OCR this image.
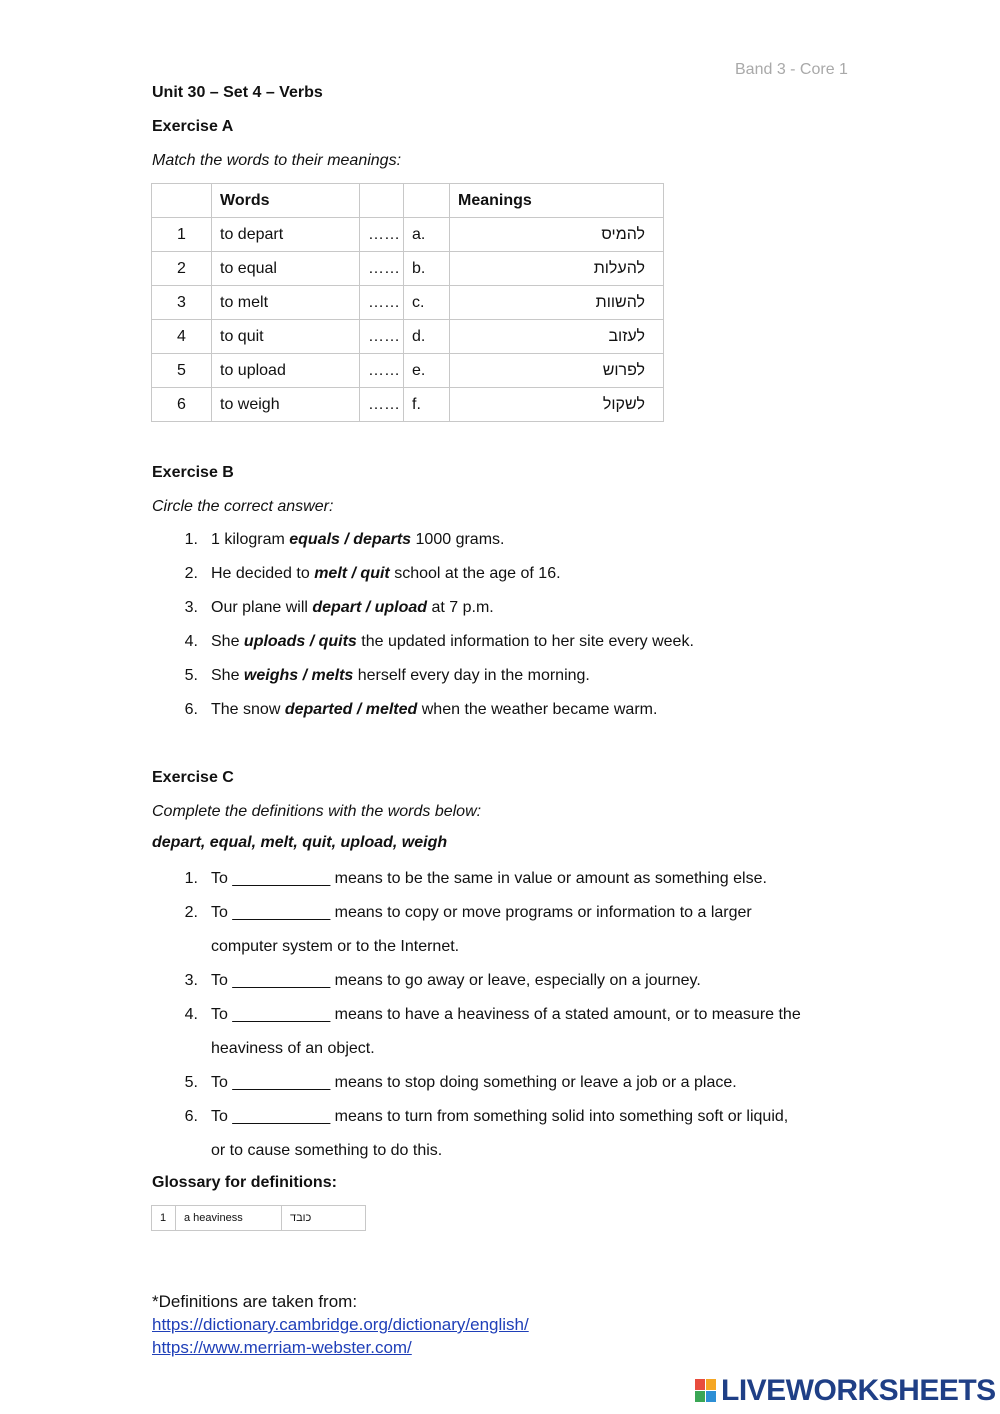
Band 3 - Core 1
Unit 30 – Set 4 – Verbs
Exercise A
Match the words to their meanings:
	Words			Meanings
1	to depart	……	a.	להמיס
2	to equal	……	b.	להעלות
3	to melt	……	c.	להשוות
4	to quit	……	d.	לעזוב
5	to upload	……	e.	לפרוש
6	to weigh	……	f.	לשקול
Exercise B
Circle the correct answer:
1. 1 kilogram equals / departs 1000 grams.
2. He decided to melt / quit school at the age of 16.
3. Our plane will depart / upload at 7 p.m.
4. She uploads / quits the updated information to her site every week.
5. She weighs / melts herself every day in the morning.
6. The snow departed / melted when the weather became warm.
Exercise C
Complete the definitions with the words below:
depart, equal, melt, quit, upload, weigh
1. To ___________ means to be the same in value or amount as something else.
2. To ___________ means to copy or move programs or information to a larger
computer system or to the Internet.
3. To ___________ means to go away or leave, especially on a journey.
4. To ___________ means to have a heaviness of a stated amount, or to measure the
heaviness of an object.
5. To ___________ means to stop doing something or leave a job or a place.
6. To ___________ means to turn from something solid into something soft or liquid,
or to cause something to do this.
Glossary for definitions:
1	a heaviness	כובד
*Definitions are taken from:
https://dictionary.cambridge.org/dictionary/english/
https://www.merriam-webster.com/
LIVEWORKSHEETS
